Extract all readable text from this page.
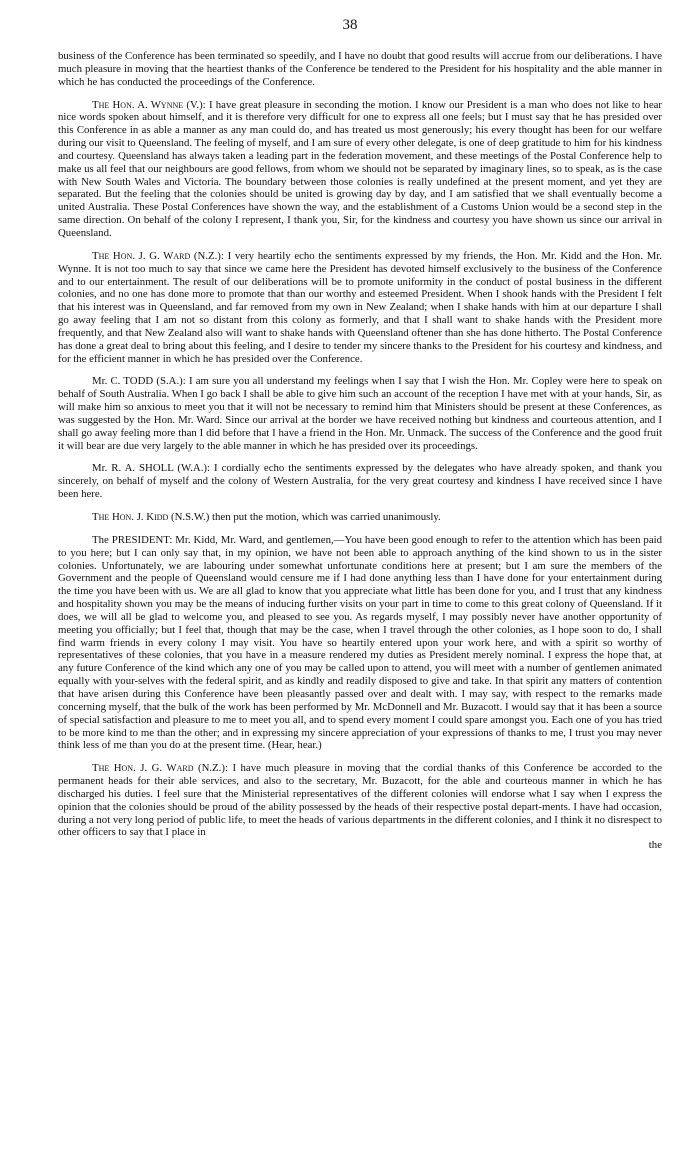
38

business of the Conference has been terminated so speedily, and I have no doubt that good results will accrue from our deliberations. I have much pleasure in moving that the heartiest thanks of the Conference be tendered to the President for his hospitality and the able manner in which he has conducted the proceedings of the Conference.

The Hon. A. Wynne (V.): I have great pleasure in seconding the motion. I know our President is a man who does not like to hear nice words spoken about himself, and it is therefore very difficult for one to express all one feels; but I must say that he has presided over this Conference in as able a manner as any man could do, and has treated us most generously; his every thought has been for our welfare during our visit to Queensland. The feeling of myself, and I am sure of every other delegate, is one of deep gratitude to him for his kindness and courtesy. Queensland has always taken a leading part in the federation movement, and these meetings of the Postal Conference help to make us all feel that our neighbours are good fellows, from whom we should not be separated by imaginary lines, so to speak, as is the case with New South Wales and Victoria. The boundary between those colonies is really undefined at the present moment, and yet they are separated. But the feeling that the colonies should be united is growing day by day, and I am satisfied that we shall eventually become a united Australia. These Postal Conferences have shown the way, and the establishment of a Customs Union would be a second step in the same direction. On behalf of the colony I represent, I thank you, Sir, for the kindness and courtesy you have shown us since our arrival in Queensland.

The Hon. J. G. Ward (N.Z.): I very heartily echo the sentiments expressed by my friends, the Hon. Mr. Kidd and the Hon. Mr. Wynne. It is not too much to say that since we came here the President has devoted himself exclusively to the business of the Conference and to our entertainment. The result of our deliberations will be to promote uniformity in the conduct of postal business in the different colonies, and no one has done more to promote that than our worthy and esteemed President. When I shook hands with the President I felt that his interest was in Queensland, and far removed from my own in New Zealand; when I shake hands with him at our departure I shall go away feeling that I am not so distant from this colony as formerly, and that I shall want to shake hands with the President more frequently, and that New Zealand also will want to shake hands with Queensland oftener than she has done hitherto. The Postal Conference has done a great deal to bring about this feeling, and I desire to tender my sincere thanks to the President for his courtesy and kindness, and for the efficient manner in which he has presided over the Conference.

Mr. C. TODD (S.A.): I am sure you all understand my feelings when I say that I wish the Hon. Mr. Copley were here to speak on behalf of South Australia. When I go back I shall be able to give him such an account of the reception I have met with at your hands, Sir, as will make him so anxious to meet you that it will not be necessary to remind him that Ministers should be present at these Conferences, as was suggested by the Hon. Mr. Ward. Since our arrival at the border we have received nothing but kindness and courteous attention, and I shall go away feeling more than I did before that I have a friend in the Hon. Mr. Unmack. The success of the Conference and the good fruit it will bear are due very largely to the able manner in which he has presided over its proceedings.

Mr. R. A. SHOLL (W.A.): I cordially echo the sentiments expressed by the delegates who have already spoken, and thank you sincerely, on behalf of myself and the colony of Western Australia, for the very great courtesy and kindness I have received since I have been here.

The Hon. J. Kidd (N.S.W.) then put the motion, which was carried unanimously.

The PRESIDENT: Mr. Kidd, Mr. Ward, and gentlemen,—You have been good enough to refer to the attention which has been paid to you here; but I can only say that, in my opinion, we have not been able to approach anything of the kind shown to us in the sister colonies. Unfortunately, we are labouring under somewhat unfortunate conditions here at present; but I am sure the members of the Government and the people of Queensland would censure me if I had done anything less than I have done for your entertainment during the time you have been with us. We are all glad to know that you appreciate what little has been done for you, and I trust that any kindness and hospitality shown you may be the means of inducing further visits on your part in time to come to this great colony of Queensland. If it does, we will all be glad to welcome you, and pleased to see you. As regards myself, I may possibly never have another opportunity of meeting you officially; but I feel that, though that may be the case, when I travel through the other colonies, as I hope soon to do, I shall find warm friends in every colony I may visit. You have so heartily entered upon your work here, and with a spirit so worthy of representatives of these colonies, that you have in a measure rendered my duties as President merely nominal. I express the hope that, at any future Conference of the kind which any one of you may be called upon to attend, you will meet with a number of gentlemen animated equally with your-selves with the federal spirit, and as kindly and readily disposed to give and take. In that spirit any matters of contention that have arisen during this Conference have been pleasantly passed over and dealt with. I may say, with respect to the remarks made concerning myself, that the bulk of the work has been performed by Mr. McDonnell and Mr. Buzacott. I would say that it has been a source of special satisfaction and pleasure to me to meet you all, and to spend every moment I could spare amongst you. Each one of you has tried to be more kind to me than the other; and in expressing my sincere appreciation of your expressions of thanks to me, I trust you may never think less of me than you do at the present time. (Hear, hear.)

The Hon. J. G. Ward (N.Z.): I have much pleasure in moving that the cordial thanks of this Conference be accorded to the permanent heads for their able services, and also to the secretary, Mr. Buzacott, for the able and courteous manner in which he has discharged his duties. I feel sure that the Ministerial representatives of the different colonies will endorse what I say when I express the opinion that the colonies should be proud of the ability possessed by the heads of their respective postal depart-ments. I have had occasion, during a not very long period of public life, to meet the heads of various departments in the different colonies, and I think it no disrespect to other officers to say that I place in

the
